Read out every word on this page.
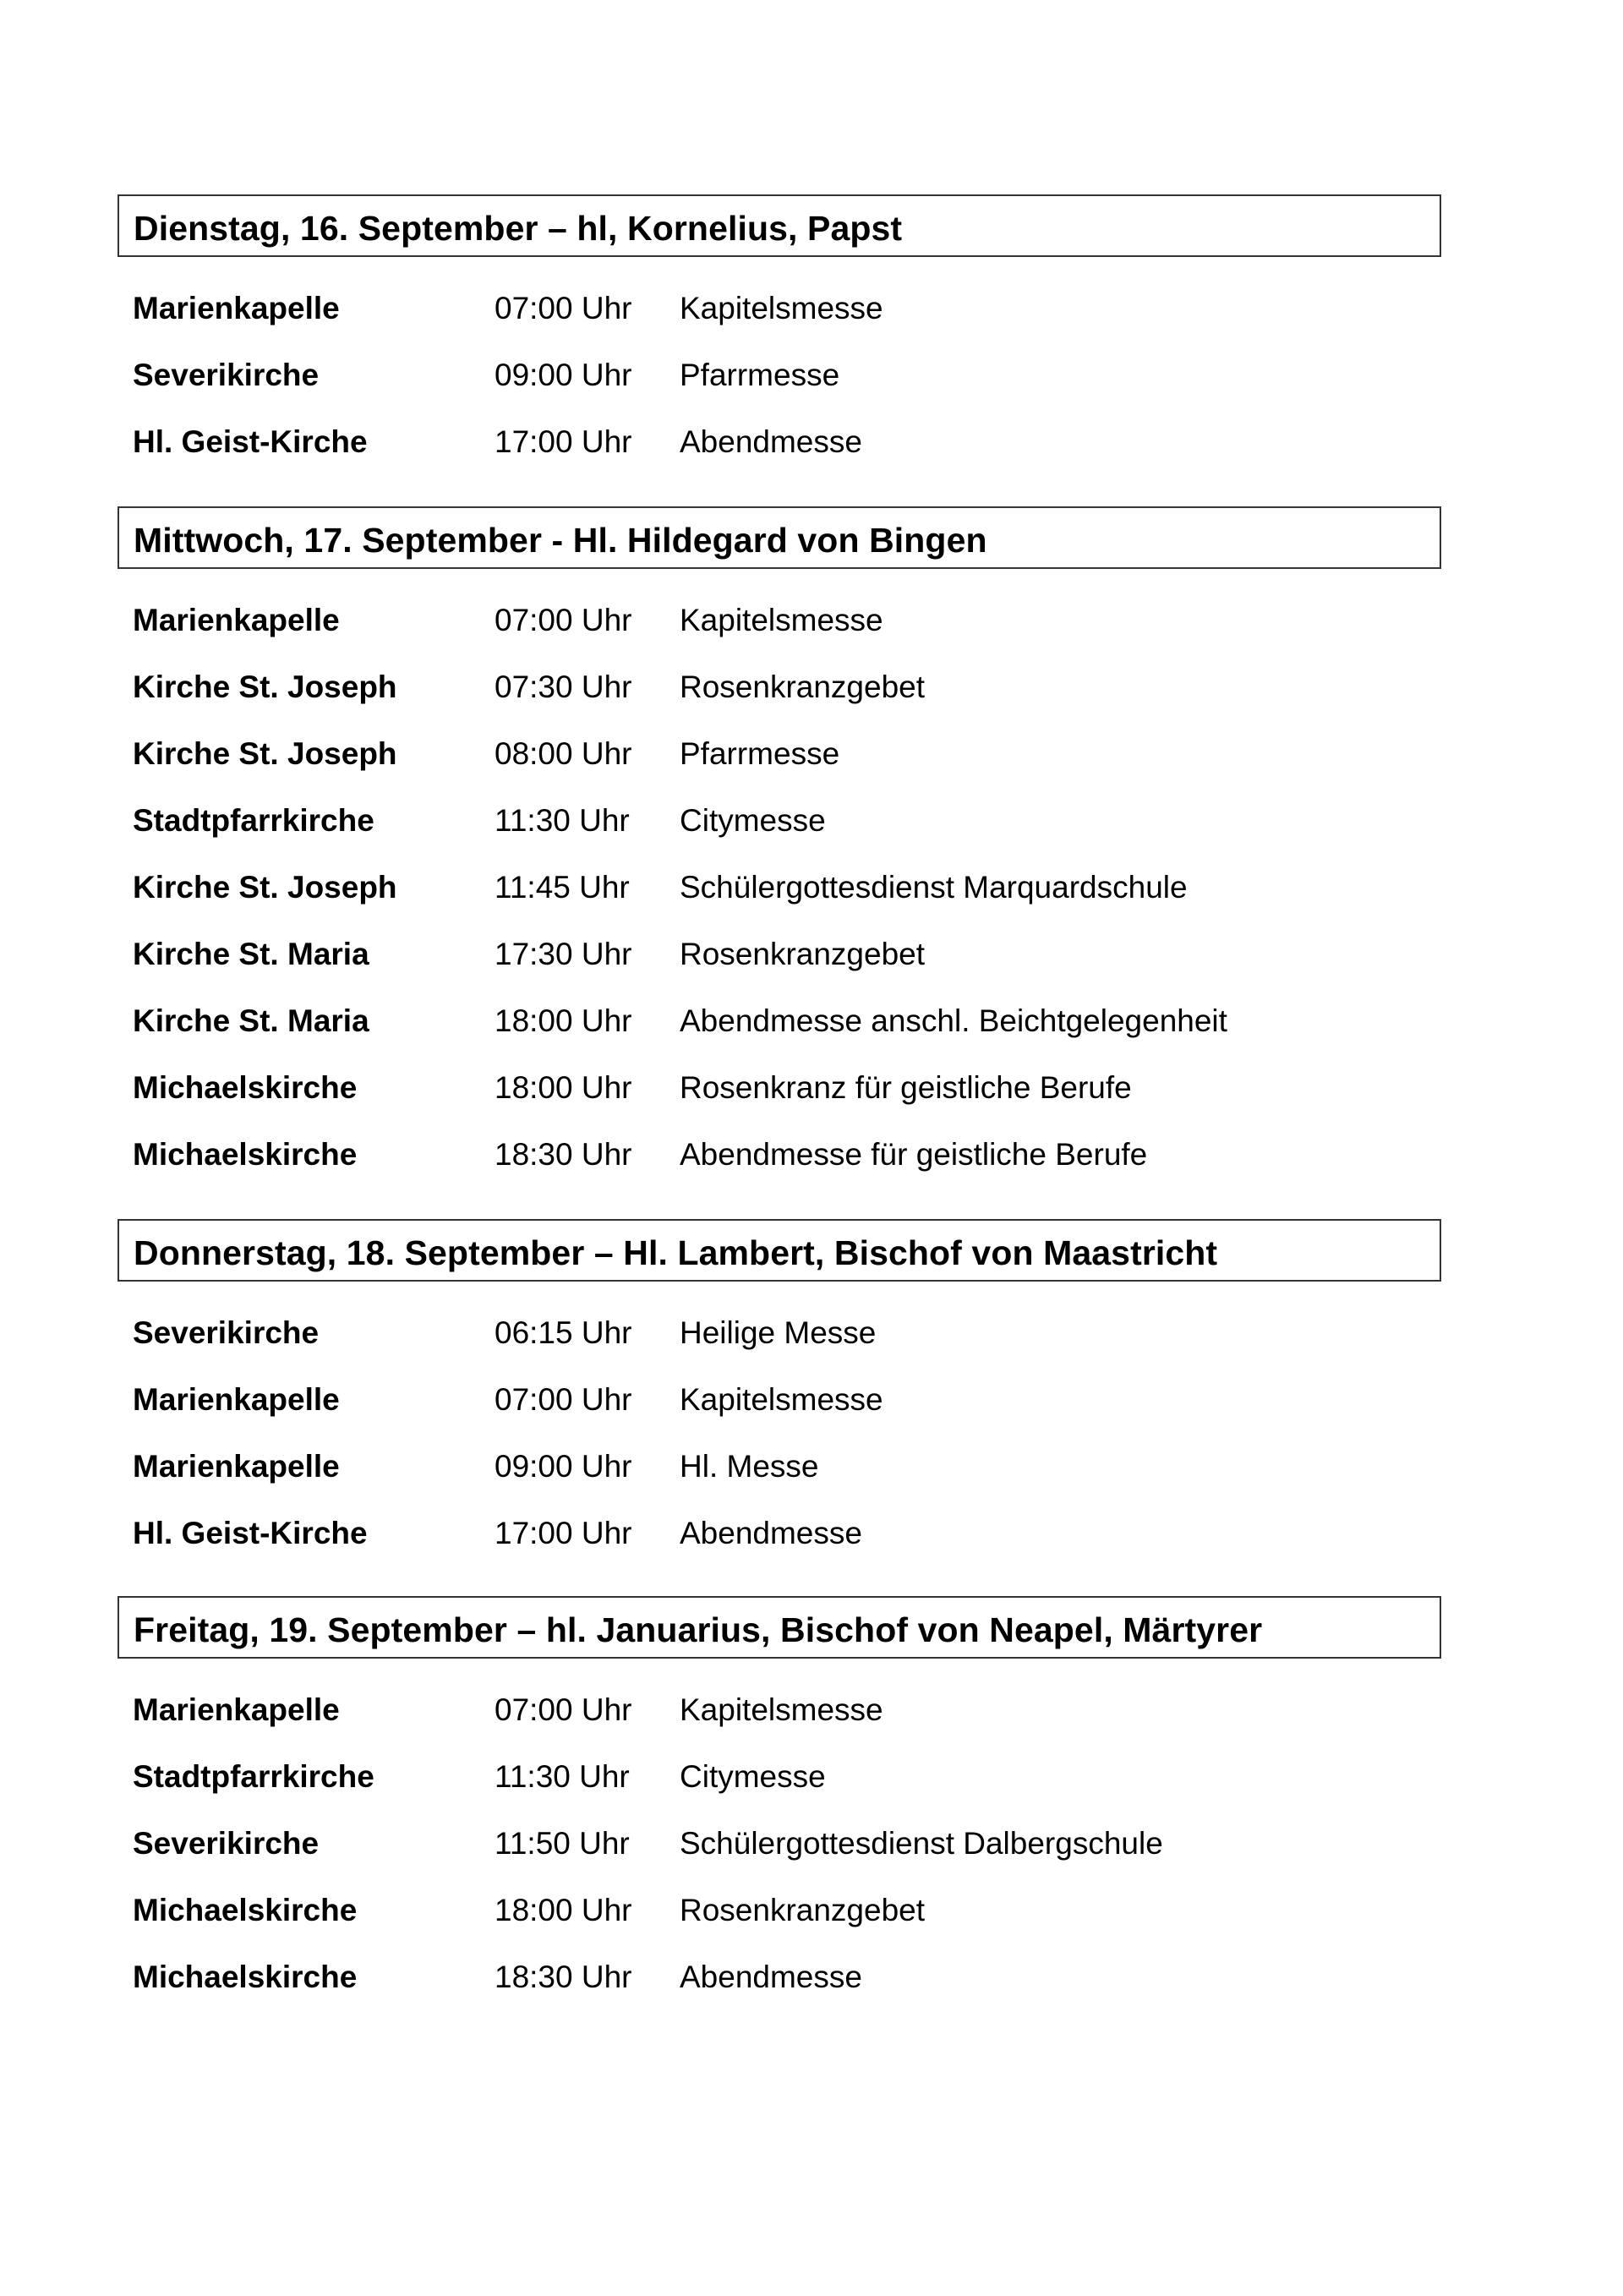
Dienstag, 16. September – hl, Kornelius, Papst
Marienkapelle	07:00 Uhr Kapitelsmesse
Severikirche	09:00 Uhr Pfarrmesse
Hl. Geist-Kirche	17:00 Uhr Abendmesse
Mittwoch, 17. September - Hl. Hildegard von Bingen
Marienkapelle	07:00 Uhr Kapitelsmesse
Kirche St. Joseph	07:30 Uhr Rosenkranzgebet
Kirche St. Joseph	08:00 Uhr Pfarrmesse
Stadtpfarrkirche	11:30 Uhr Citymesse
Kirche St. Joseph	11:45 Uhr Schülergottesdienst Marquardschule
Kirche St. Maria	17:30 Uhr Rosenkranzgebet
Kirche St. Maria	18:00 Uhr Abendmesse anschl. Beichtgelegenheit
Michaelskirche	18:00 Uhr Rosenkranz für geistliche Berufe
Michaelskirche	18:30 Uhr Abendmesse für geistliche Berufe
Donnerstag, 18. September – Hl. Lambert, Bischof von Maastricht
Severikirche	06:15 Uhr Heilige Messe
Marienkapelle	07:00 Uhr Kapitelsmesse
Marienkapelle	09:00 Uhr Hl. Messe
Hl. Geist-Kirche	17:00 Uhr Abendmesse
Freitag, 19. September – hl. Januarius, Bischof von Neapel, Märtyrer
Marienkapelle	07:00 Uhr Kapitelsmesse
Stadtpfarrkirche	11:30 Uhr Citymesse
Severikirche	11:50 Uhr Schülergottesdienst Dalbergschule
Michaelskirche	18:00 Uhr Rosenkranzgebet
Michaelskirche	18:30 Uhr Abendmesse
